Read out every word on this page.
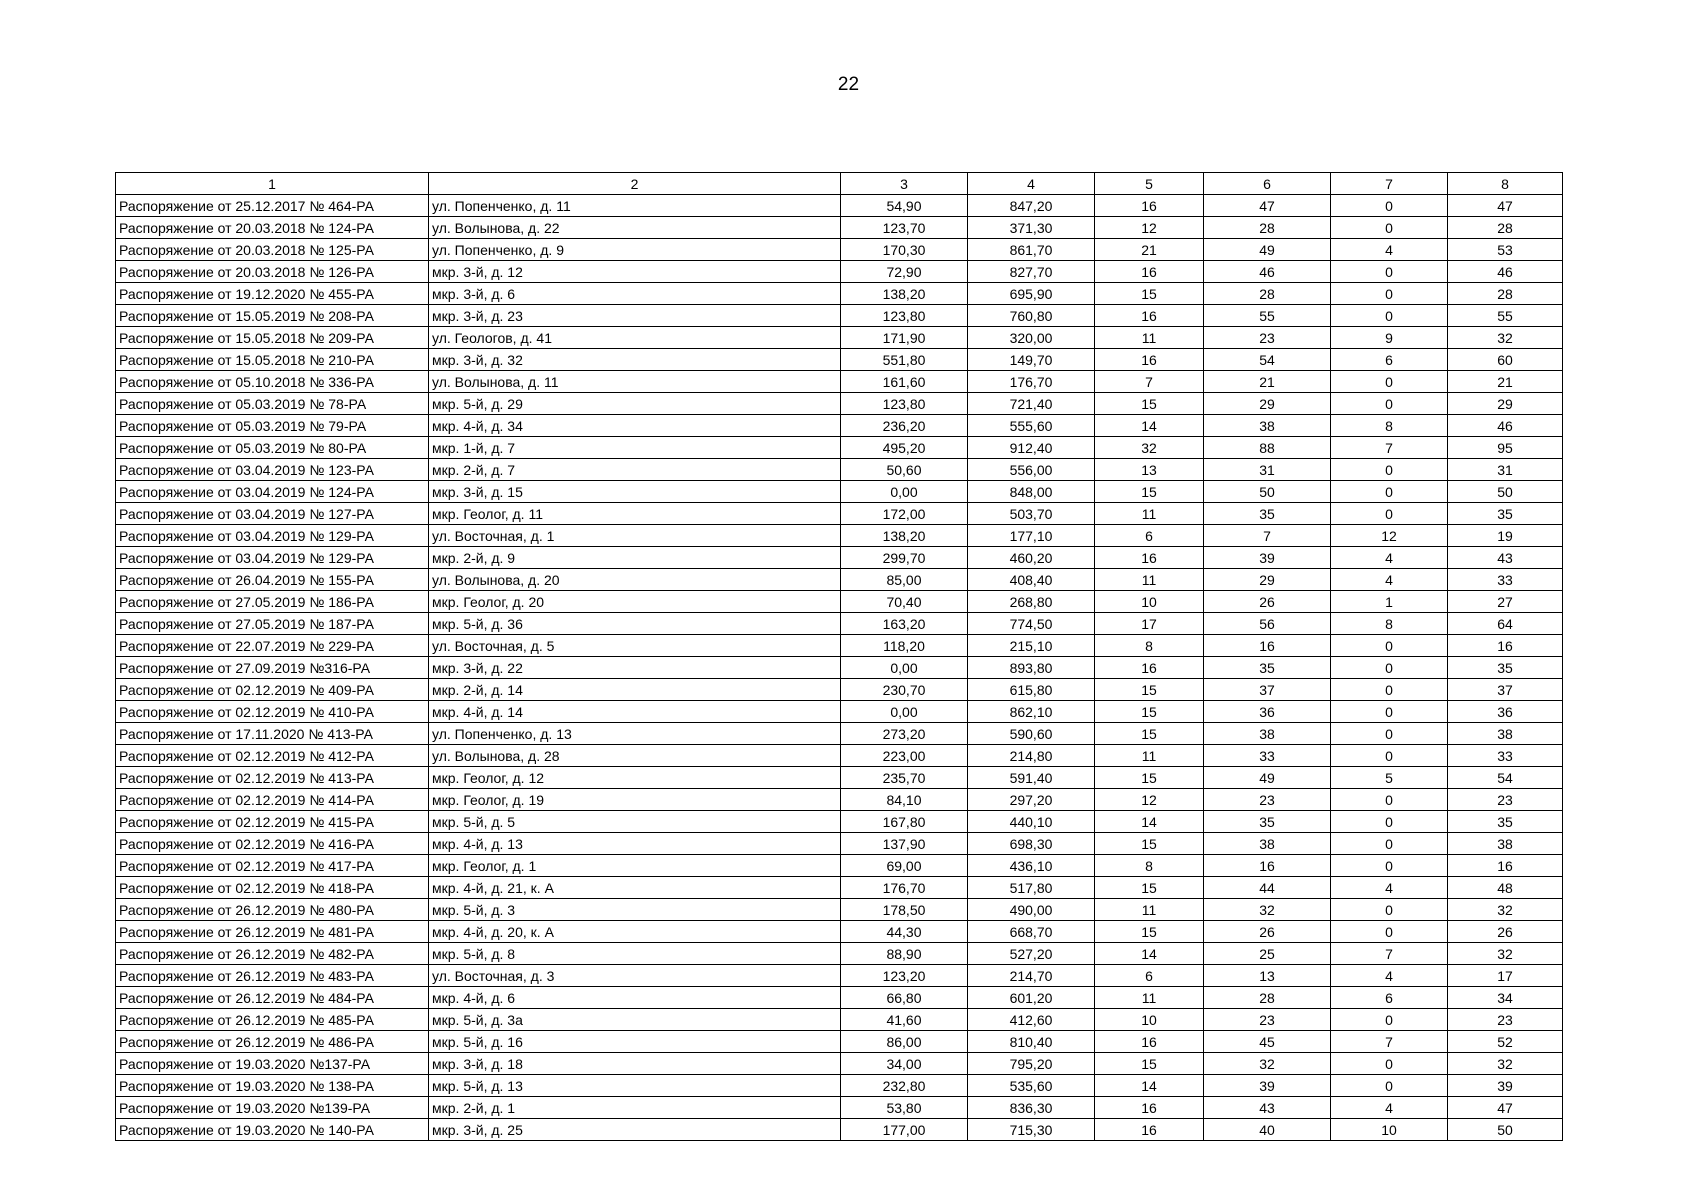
22
1	2	3	4	5	6	7	8
Распоряжение от 25.12.2017 № 464-РА	ул. Попенченко, д. 11	54,90	847,20	16	47	0	47
Распоряжение от 20.03.2018 № 124-РА	ул. Волынова, д. 22	123,70	371,30	12	28	0	28
Распоряжение от 20.03.2018 № 125-РА	ул. Попенченко, д. 9	170,30	861,70	21	49	4	53
Распоряжение от 20.03.2018 № 126-РА	мкр. 3-й, д. 12	72,90	827,70	16	46	0	46
Распоряжение от 19.12.2020 № 455-РА	мкр. 3-й, д. 6	138,20	695,90	15	28	0	28
Распоряжение от 15.05.2019 № 208-РА	мкр. 3-й, д. 23	123,80	760,80	16	55	0	55
Распоряжение от 15.05.2018 № 209-РА	ул. Геологов, д. 41	171,90	320,00	11	23	9	32
Распоряжение от 15.05.2018 № 210-РА	мкр. 3-й, д. 32	551,80	149,70	16	54	6	60
Распоряжение от 05.10.2018 № 336-РА	ул. Волынова, д. 11	161,60	176,70	7	21	0	21
Распоряжение от 05.03.2019 № 78-РА	мкр. 5-й, д. 29	123,80	721,40	15	29	0	29
Распоряжение от 05.03.2019 № 79-РА	мкр. 4-й, д. 34	236,20	555,60	14	38	8	46
Распоряжение от 05.03.2019 № 80-РА	мкр. 1-й, д. 7	495,20	912,40	32	88	7	95
Распоряжение от 03.04.2019 № 123-РА	мкр. 2-й, д. 7	50,60	556,00	13	31	0	31
Распоряжение от 03.04.2019 № 124-РА	мкр. 3-й, д. 15	0,00	848,00	15	50	0	50
Распоряжение от 03.04.2019 № 127-РА	мкр. Геолог, д. 11	172,00	503,70	11	35	0	35
Распоряжение от 03.04.2019 № 129-РА	ул. Восточная, д. 1	138,20	177,10	6	7	12	19
Распоряжение от 03.04.2019 № 129-РА	мкр. 2-й, д. 9	299,70	460,20	16	39	4	43
Распоряжение от 26.04.2019 № 155-РА	ул. Волынова, д. 20	85,00	408,40	11	29	4	33
Распоряжение от 27.05.2019 № 186-РА	мкр. Геолог, д. 20	70,40	268,80	10	26	1	27
Распоряжение от 27.05.2019 № 187-РА	мкр. 5-й, д. 36	163,20	774,50	17	56	8	64
Распоряжение от 22.07.2019 № 229-РА	ул. Восточная, д. 5	118,20	215,10	8	16	0	16
Распоряжение от 27.09.2019 №316-РА	мкр. 3-й, д. 22	0,00	893,80	16	35	0	35
Распоряжение от 02.12.2019 № 409-РА	мкр. 2-й, д. 14	230,70	615,80	15	37	0	37
Распоряжение от 02.12.2019 № 410-РА	мкр. 4-й, д. 14	0,00	862,10	15	36	0	36
Распоряжение от 17.11.2020 № 413-РА	ул. Попенченко, д. 13	273,20	590,60	15	38	0	38
Распоряжение от 02.12.2019 № 412-РА	ул. Волынова, д. 28	223,00	214,80	11	33	0	33
Распоряжение от 02.12.2019 № 413-РА	мкр. Геолог, д. 12	235,70	591,40	15	49	5	54
Распоряжение от 02.12.2019 № 414-РА	мкр. Геолог, д. 19	84,10	297,20	12	23	0	23
Распоряжение от 02.12.2019 № 415-РА	мкр. 5-й, д. 5	167,80	440,10	14	35	0	35
Распоряжение от 02.12.2019 № 416-РА	мкр. 4-й, д. 13	137,90	698,30	15	38	0	38
Распоряжение от 02.12.2019 № 417-РА	мкр. Геолог, д. 1	69,00	436,10	8	16	0	16
Распоряжение от 02.12.2019 № 418-РА	мкр. 4-й, д. 21, к. А	176,70	517,80	15	44	4	48
Распоряжение от 26.12.2019 № 480-РА	мкр. 5-й, д. 3	178,50	490,00	11	32	0	32
Распоряжение от 26.12.2019 № 481-РА	мкр. 4-й, д. 20, к. А	44,30	668,70	15	26	0	26
Распоряжение от 26.12.2019 № 482-РА	мкр. 5-й, д. 8	88,90	527,20	14	25	7	32
Распоряжение от 26.12.2019 № 483-РА	ул. Восточная, д. 3	123,20	214,70	6	13	4	17
Распоряжение от 26.12.2019 № 484-РА	мкр. 4-й, д. 6	66,80	601,20	11	28	6	34
Распоряжение от 26.12.2019 № 485-РА	мкр. 5-й, д. 3а	41,60	412,60	10	23	0	23
Распоряжение от 26.12.2019 № 486-РА	мкр. 5-й, д. 16	86,00	810,40	16	45	7	52
Распоряжение от 19.03.2020 №137-РА	мкр. 3-й, д. 18	34,00	795,20	15	32	0	32
Распоряжение от 19.03.2020 № 138-РА	мкр. 5-й, д. 13	232,80	535,60	14	39	0	39
Распоряжение от 19.03.2020 №139-РА	мкр. 2-й, д. 1	53,80	836,30	16	43	4	47
Распоряжение от 19.03.2020 № 140-РА	мкр. 3-й, д. 25	177,00	715,30	16	40	10	50
